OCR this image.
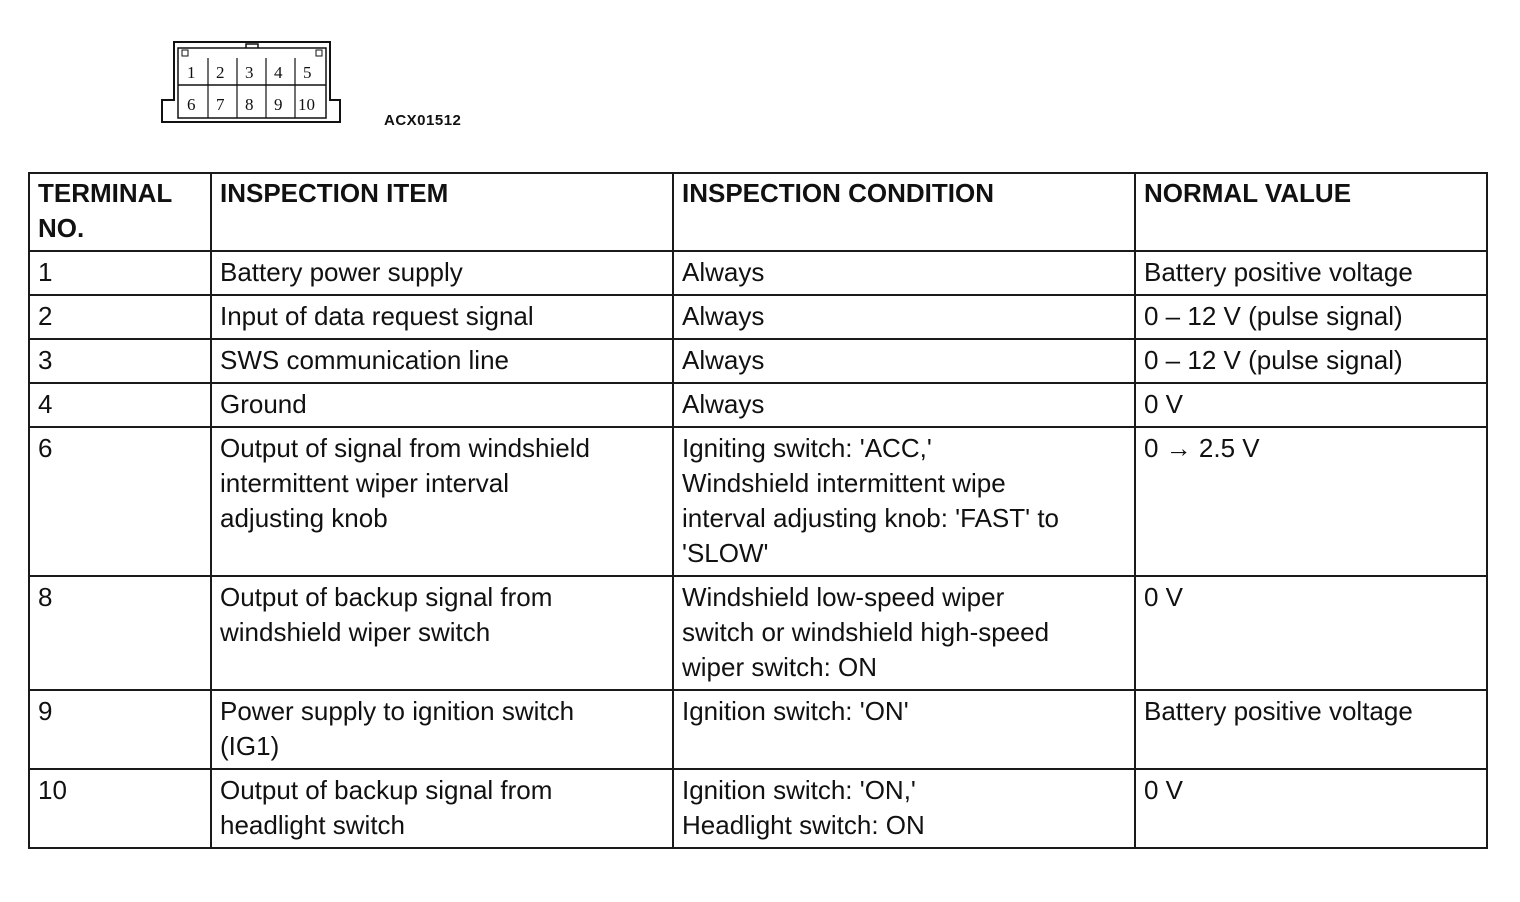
1 2 3 4 5
6 7 8 9 10
ACX01512
TERMINAL
NO.	INSPECTION ITEM	INSPECTION CONDITION	NORMAL VALUE
1	Battery power supply	Always	Battery positive voltage
2	Input of data request signal	Always	0 – 12 V (pulse signal)
3	SWS communication line	Always	0 – 12 V (pulse signal)
4	Ground	Always	0 V
6	Output of signal from windshield
intermittent wiper interval
adjusting knob	Igniting switch: 'ACC,'
Windshield intermittent wipe
interval adjusting knob: 'FAST' to
'SLOW'	0 → 2.5 V
8	Output of backup signal from
windshield wiper switch	Windshield low-speed wiper
switch or windshield high-speed
wiper switch: ON	0 V
9	Power supply to ignition switch
(IG1)	Ignition switch: 'ON'	Battery positive voltage
10	Output of backup signal from
headlight switch	Ignition switch: 'ON,'
Headlight switch: ON	0 V
